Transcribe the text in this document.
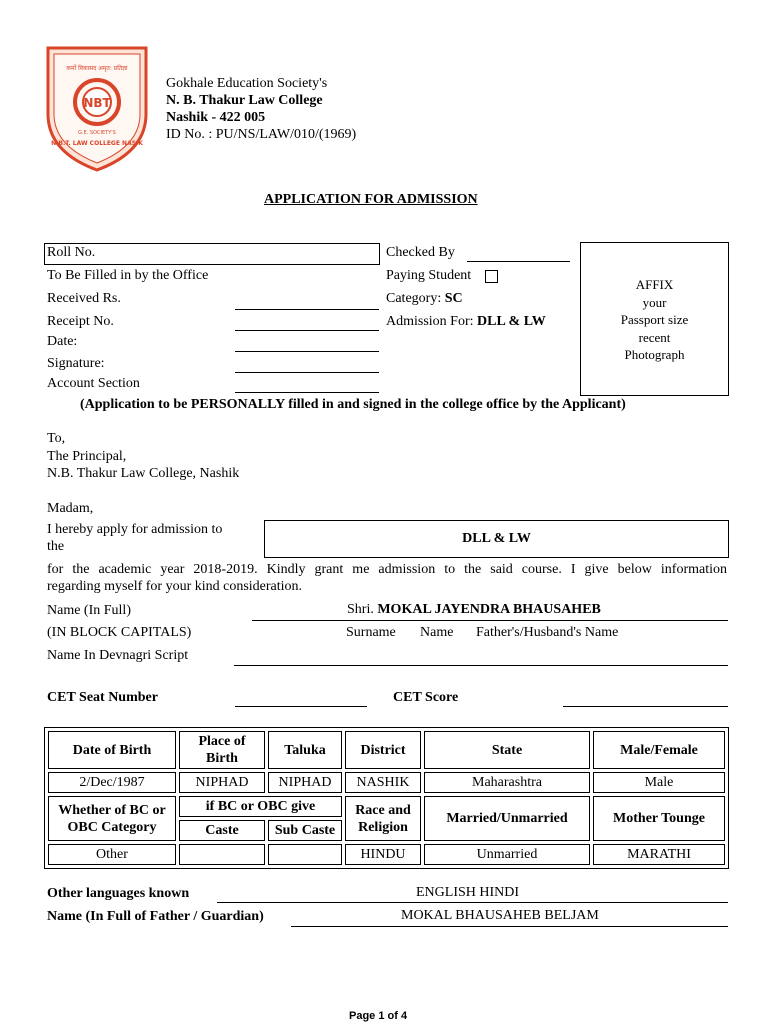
NBT
कर्मो विकासद अमृत: प्रतिज्ञा
G.E. SOCIETY'S
N.B.T. LAW COLLEGE NASIK
Gokhale Education Society's
N. B. Thakur Law College
Nashik - 422 005
ID No. : PU/NS/LAW/010/(1969)
APPLICATION FOR ADMISSION
Roll No.
To Be Filled in by the Office
Received Rs.
Receipt No.
Date:
Signature:
Account Section
Checked By
Paying Student
Category: SC
Admission For: DLL & LW
AFFIX
your
Passport size
recent
Photograph
(Application to be PERSONALLY filled in and signed in the college office by the Applicant)
To,
The Principal,
N.B. Thakur Law College, Nashik
Madam,
I hereby apply for admission to
the
DLL & LW
for the academic year 2018-2019. Kindly grant me admission to the said course. I give below information
regarding myself for your kind consideration.
Name (In Full)	Shri. MOKAL JAYENDRA BHAUSAHEB
(IN BLOCK CAPITALS)	Surname Name Father's/Husband's Name
Name In Devnagri Script
CET Seat Number	CET Score
Date of Birth	Place of Birth	Taluka	District	State	Male/Female
2/Dec/1987	NIPHAD	NIPHAD	NASHIK	Maharashtra	Male
Whether of BC or OBC Category	if BC or OBC give		Race and Religion	Married/Unmarried	Mother Tounge
	Caste	Sub Caste			
Other			HINDU	Unmarried	MARATHI
Other languages known	ENGLISH HINDI
Name (In Full of Father / Guardian)	MOKAL BHAUSAHEB BELJAM
Page 1 of 4
